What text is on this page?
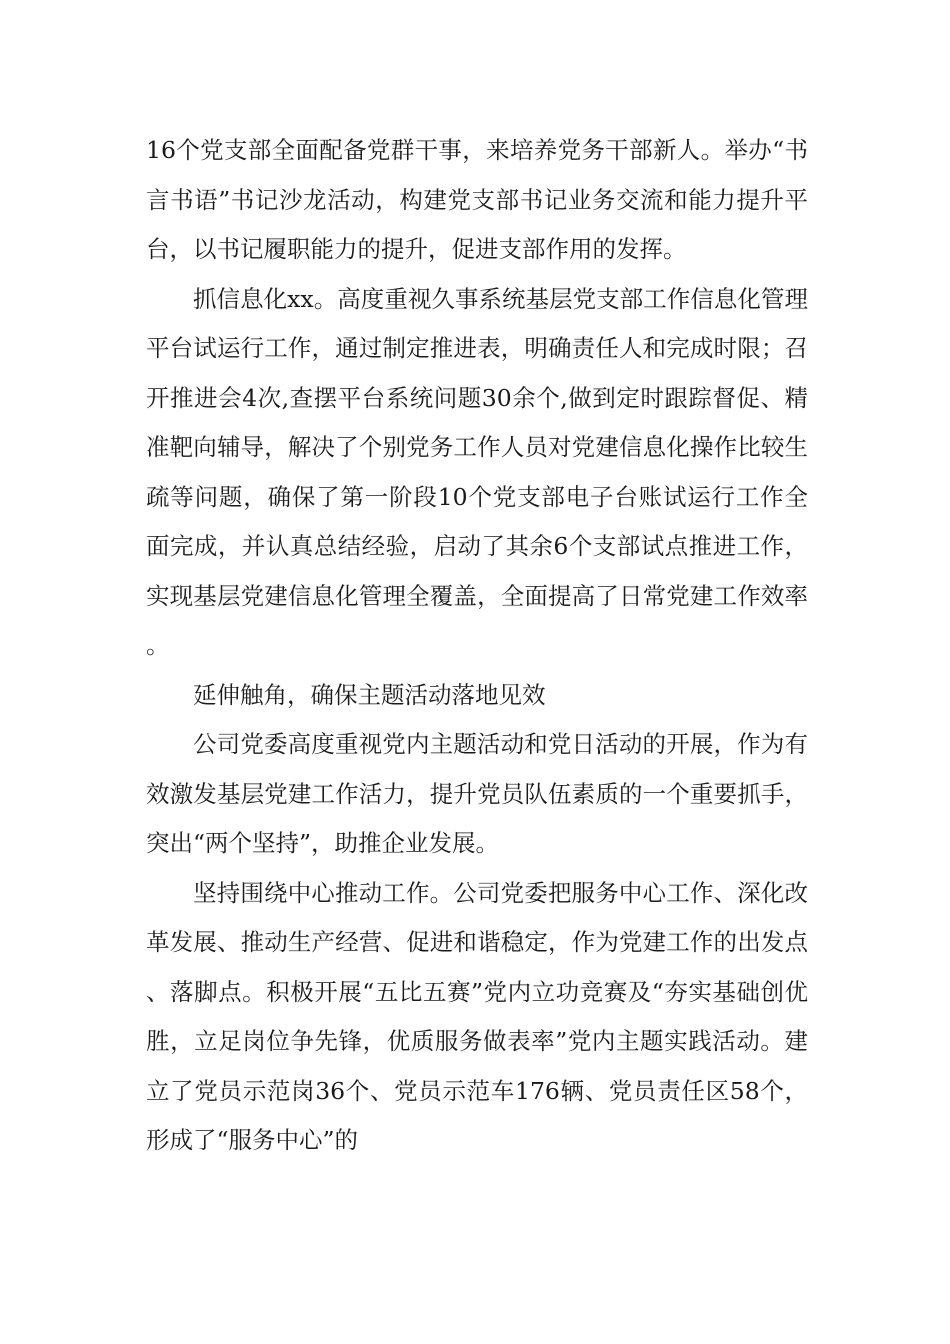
16个党支部全面配备党群干事，来培养党务干部新人。举办“书言书语”书记沙龙活动，构建党支部书记业务交流和能力提升平台，以书记履职能力的提升，促进支部作用的发挥。

抓信息化xx。高度重视久事系统基层党支部工作信息化管理平台试运行工作，通过制定推进表，明确责任人和完成时限；召开推进会4次,查摆平台系统问题30余个,做到定时跟踪督促、精准靶向辅导，解决了个别党务工作人员对党建信息化操作比较生疏等问题，确保了第一阶段10个党支部电子台账试运行工作全面完成，并认真总结经验，启动了其余6个支部试点推进工作，实现基层党建信息化管理全覆盖，全面提高了日常党建工作效率。

延伸触角，确保主题活动落地见效

公司党委高度重视党内主题活动和党日活动的开展，作为有效激发基层党建工作活力，提升党员队伍素质的一个重要抓手，突出“两个坚持”，助推企业发展。

坚持围绕中心推动工作。公司党委把服务中心工作、深化改革发展、推动生产经营、促进和谐稳定，作为党建工作的出发点、落脚点。积极开展“五比五赛”党内立功竞赛及“夯实基础创优胜，立足岗位争先锋，优质服务做表率”党内主题实践活动。建立了党员示范岗36个、党员示范车176辆、党员责任区58个，形成了“服务中心”的
